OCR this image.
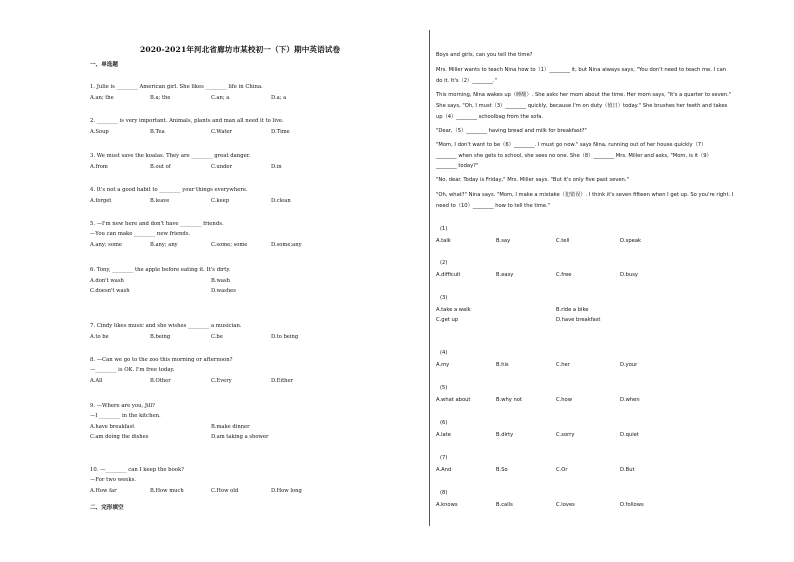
2020-2021年河北省廊坊市某校初一（下）期中英语试卷
一、单选题
1. Julie is ________ American girl. She likes ________ life in China.
A.an; the	B.a; the	C.an; a	D.a; a
2. ________ is very important. Animals, plants and man all need it to live.
A.Soup	B.Tea	C.Water	D.Time
3. We must save the koalas. They are ________ great danger.
A.from	B.out of	C.under	D.in
4. It's not a good habit to ________ your things everywhere.
A.forget	B.leave	C.keep	D.clean
5. —I'm new here and don't have ________ friends.
—You can make ________ new friends.
A.any; some	B.any; any	C.some; some	D.some;any
6. Tony, ________ the apple before eating it. It's dirty.
A.don't wash	B.wash
C.doesn't wash	D.washes
7. Cindy likes music and she wishes ________ a musician.
A.to be	B.being	C.be	D.to being
8. —Can we go to the zoo this morning or afternoon?
—________ is OK. I'm free today.
A.All	B.Other	C.Every	D.Either
9. —Where are you, Jill?
—I ________ in the kitchen.
A.have breakfast	B.make dinner
C.am doing the dishes	D.am taking a shower
10. —________ can I keep the book?
—For two weeks.
A.How far	B.How much	C.How old	D.How long
二、完形填空
Boys and girls, can you tell the time?
Mrs. Miller wants to teach Nina how to（1）________ it, but Nina always says, "You don't need to teach me. I can
do it. It's（2）________."
This morning, Nina wakes up（睡醒）. She asks her mom about the time. Her mom says, "It's a quarter to seven."
She says, "Oh, I must（3）________ quickly, because I'm on duty（值日）today." She brushes her teeth and takes
up（4）________ schoolbag from the sofa.
"Dear,（5）________ having bread and milk for breakfast?"
"Mom, I don't want to be（6）________. I must go now." says Nina, running out of her house quickly（7）
________ when she gets to school, she sees no one. She（8）________ Mrs. Miller and asks, "Mom, is it（9）
________ today?"
"No, dear. Today is Friday," Mrs. Miller says. "But it's only five past seven."
"Oh, what?" Nina says. "Mom, I make a mistake（犯错误）. I think it's seven fifteen when I get up. So you're right. I
need to（10）________ how to tell the time."
(1)
A.talk	B.say	C.tell	D.speak
(2)
A.difficult	B.easy	C.free	D.busy
(3)
A.take a walk	B.ride a bike
C.get up	D.have breakfast
(4)
A.my	B.his	C.her	D.your
(5)
A.what about	B.why not	C.how	D.when
(6)
A.late	B.dirty	C.sorry	D.quiet
(7)
A.And	B.So	C.Or	D.But
(8)
A.knows	B.calls	C.loves	D.follows
